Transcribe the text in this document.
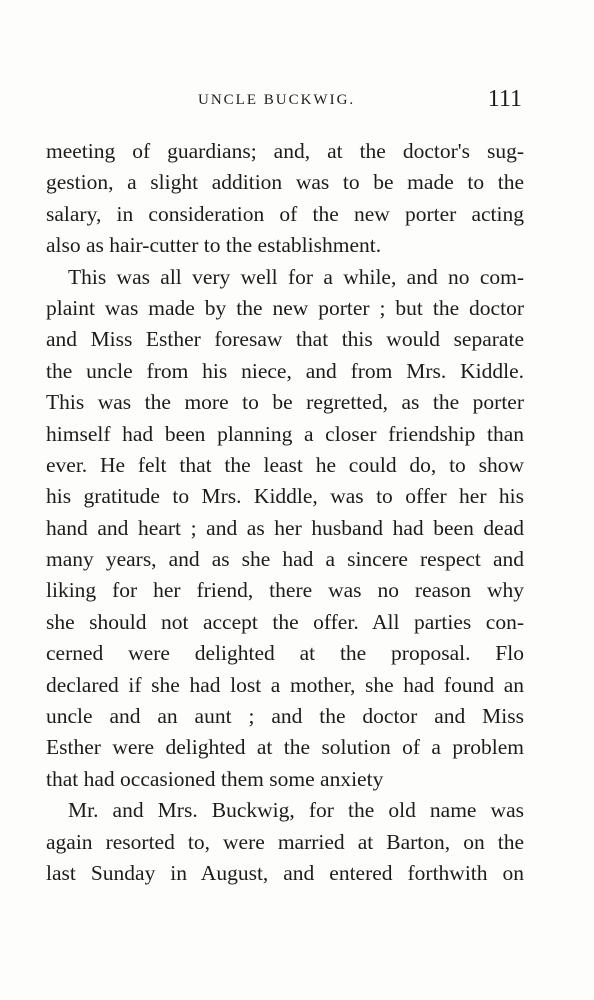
UNCLE BUCKWIG.	111
meeting of guardians; and, at the doctor's sug-
gestion, a slight addition was to be made to the
salary, in consideration of the new porter acting
also as hair-cutter to the establishment.
This was all very well for a while, and no com-
plaint was made by the new porter ; but the doctor
and Miss Esther foresaw that this would separate
the uncle from his niece, and from Mrs. Kiddle.
This was the more to be regretted, as the porter
himself had been planning a closer friendship than
ever. He felt that the least he could do, to show
his gratitude to Mrs. Kiddle, was to offer her his
hand and heart ; and as her husband had been dead
many years, and as she had a sincere respect and
liking for her friend, there was no reason why
she should not accept the offer. All parties con-
cerned were delighted at the proposal. Flo
declared if she had lost a mother, she had found an
uncle and an aunt ; and the doctor and Miss
Esther were delighted at the solution of a problem
that had occasioned them some anxiety
Mr. and Mrs. Buckwig, for the old name was
again resorted to, were married at Barton, on the
last Sunday in August, and entered forthwith on
